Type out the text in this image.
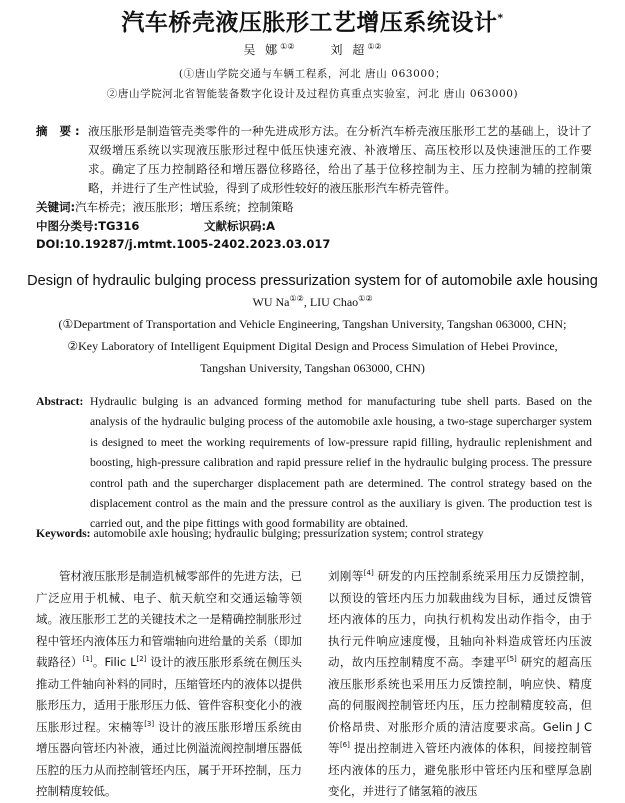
汽车桥壳液压胀形工艺增压系统设计*
吴 娜①②	刘 超①②
(①唐山学院交通与车辆工程系，河北 唐山 063000；
②唐山学院河北省智能装备数字化设计及过程仿真重点实验室，河北 唐山 063000)
摘 要: 液压胀形是制造管壳类零件的一种先进成形方法。在分析汽车桥壳液压胀形工艺的基础上，设计了双级增压系统以实现液压胀形过程中低压快速充液、补液增压、高压校形以及快速泄压的工作要求。确定了压力控制路径和增压器位移路径，给出了基于位移控制为主、压力控制为辅的控制策略，并进行了生产性试验，得到了成形性较好的液压胀形汽车桥壳管件。
关键词:汽车桥壳；液压胀形；增压系统；控制策略
中图分类号:TG316	文献标识码:A
DOI:10.19287/j.mtmt.1005-2402.2023.03.017
Design of hydraulic bulging process pressurization system for of automobile axle housing
WU Na①②, LIU Chao①②
(①Department of Transportation and Vehicle Engineering, Tangshan University, Tangshan 063000, CHN;
②Key Laboratory of Intelligent Equipment Digital Design and Process Simulation of Hebei Province,
Tangshan University, Tangshan 063000, CHN)
Abstract: Hydraulic bulging is an advanced forming method for manufacturing tube shell parts. Based on the analysis of the hydraulic bulging process of the automobile axle housing, a two-stage supercharger system is designed to meet the working requirements of low-pressure rapid filling, hydraulic replenishment and boosting, high-pressure calibration and rapid pressure relief in the hydraulic bulging process. The pressure control path and the supercharger displacement path are determined. The control strategy based on the displacement control as the main and the pressure control as the auxiliary is given. The production test is carried out, and the pipe fittings with good formability are obtained.
Keywords: automobile axle housing; hydraulic bulging; pressurization system; control strategy

管材液压胀形是制造机械零部件的先进方法，已广泛应用于机械、电子、航天航空和交通运输等领域。液压胀形工艺的关键技术之一是精确控制胀形过程中管坯内液体压力和管端轴向进给量的关系（即加载路径）[1]。Filic L[2] 设计的液压胀形系统在侧压头推动工件轴向补料的同时，压缩管坯内的液体以提供胀形压力，适用于胀形压力低、管件容积变化小的液压胀形过程。宋楠等[3] 设计的液压胀形增压系统由增压器向管坯内补液，通过比例溢流阀控制增压器低压腔的压力从而控制管坯内压，属于开环控制，压力控制精度较低。

刘刚等[4] 研发的内压控制系统采用压力反馈控制，以预设的管坯内压力加载曲线为目标，通过反馈管坯内液体的压力，向执行机构发出动作指令，由于执行元件响应速度慢，且轴向补料造成管坯内压波动，故内压控制精度不高。李建平[5] 研究的超高压液压胀形系统也采用压力反馈控制，响应快、精度高的伺服阀控制管坯内压，压力控制精度较高，但价格昂贵、对胀形介质的清洁度要求高。Gelin J C 等[6] 提出控制进入管坯内液体的体积，间接控制管坯内液体的压力，避免胀形中管坯内压和壁厚急剧变化，并进行了储氢箱的液压
